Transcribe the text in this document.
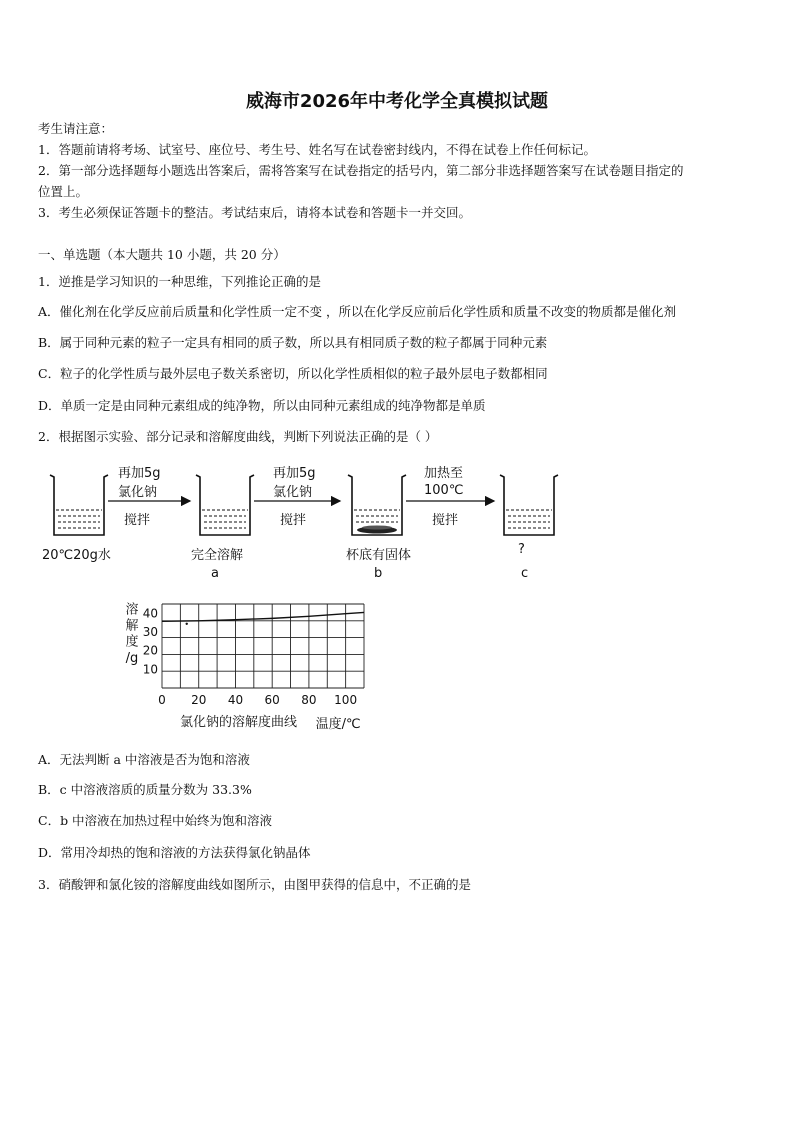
威海市2026年中考化学全真模拟试题
考生请注意：
1．答题前请将考场、试室号、座位号、考生号、姓名写在试卷密封线内，不得在试卷上作任何标记。
2．第一部分选择题每小题选出答案后，需将答案写在试卷指定的括号内，第二部分非选择题答案写在试卷题目指定的
位置上。
3．考生必须保证答题卡的整洁。考试结束后，请将本试卷和答题卡一并交回。
一、单选题（本大题共 10 小题，共 20 分）
1．逆推是学习知识的一种思维，下列推论正确的是
A．催化剂在化学反应前后质量和化学性质一定不变 ，所以在化学反应前后化学性质和质量不改变的物质都是催化剂
B．属于同种元素的粒子一定具有相同的质子数，所以具有相同质子数的粒子都属于同种元素
C．粒子的化学性质与最外层电子数关系密切，所以化学性质相似的粒子最外层电子数都相同
D．单质一定是由同种元素组成的纯净物，所以由同种元素组成的纯净物都是单质
2．根据图示实验、部分记录和溶解度曲线，判断下列说法正确的是（ ）
再加5g
氯化钠
搅拌
再加5g
氯化钠
搅拌
加热至
100℃
搅拌
20℃20g水	完全溶解
a
杯底有固体
b
?
c
10
20
30
40
0 20 40 60 80 100
溶
解
度
/g
氯化钠的溶解度曲线 温度/℃
A．无法判断 a 中溶液是否为饱和溶液
B．c 中溶液溶质的质量分数为 33.3%
C．b 中溶液在加热过程中始终为饱和溶液
D．常用冷却热的饱和溶液的方法获得氯化钠晶体
3．硝酸钾和氯化铵的溶解度曲线如图所示，由图甲获得的信息中，不正确的是
